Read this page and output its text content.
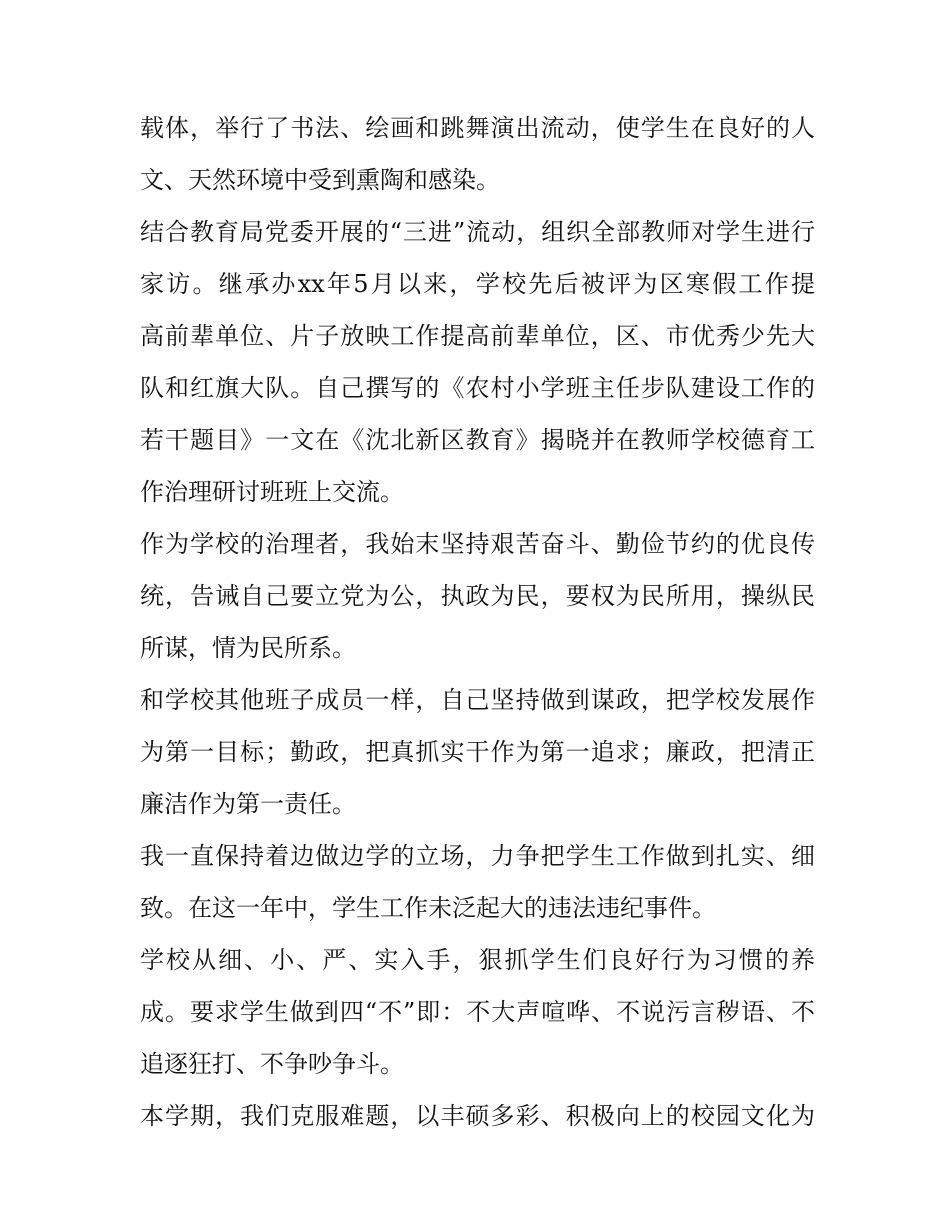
载体，举行了书法、绘画和跳舞演出流动，使学生在良好的人
文、天然环境中受到熏陶和感染。
结合教育局党委开展的“三进”流动，组织全部教师对学生进行
家访。继承办xx年5月以来，学校先后被评为区寒假工作提
高前辈单位、片子放映工作提高前辈单位，区、市优秀少先大
队和红旗大队。自己撰写的《农村小学班主任步队建设工作的
若干题目》一文在《沈北新区教育》揭晓并在教师学校德育工
作治理研讨班班上交流。
作为学校的治理者，我始末坚持艰苦奋斗、勤俭节约的优良传
统，告诫自己要立党为公，执政为民，要权为民所用，操纵民
所谋，情为民所系。
和学校其他班子成员一样，自己坚持做到谋政，把学校发展作
为第一目标；勤政，把真抓实干作为第一追求；廉政，把清正
廉洁作为第一责任。
我一直保持着边做边学的立场，力争把学生工作做到扎实、细
致。在这一年中，学生工作未泛起大的违法违纪事件。
学校从细、小、严、实入手，狠抓学生们良好行为习惯的养
成。要求学生做到四“不”即：不大声喧哗、不说污言秽语、不
追逐狂打、不争吵争斗。
本学期，我们克服难题，以丰硕多彩、积极向上的校园文化为
